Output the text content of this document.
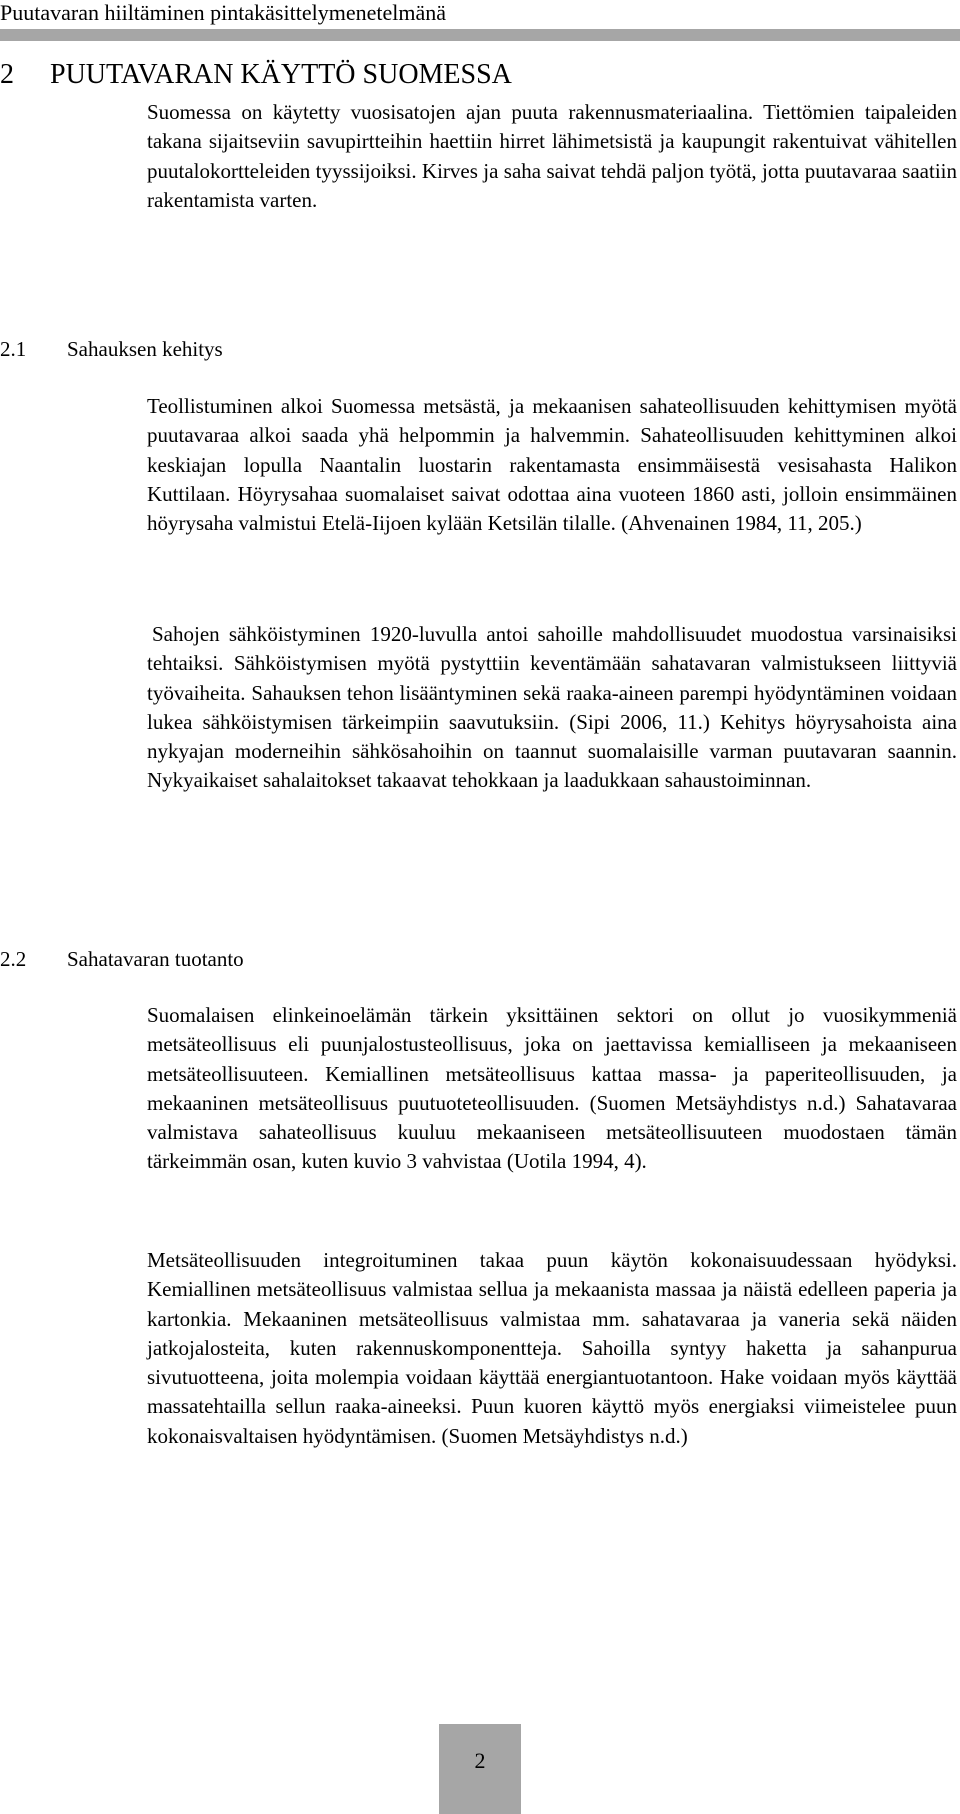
Puutavaran hiiltäminen pintakäsittelymenetelmänä
2 PUUTAVARAN KÄYTTÖ SUOMESSA

Suomessa on käytetty vuosisatojen ajan puuta rakennusmateriaalina. Tiettömien taipaleiden takana sijaitseviin savupirtteihin haettiin hirret lähimetsistä ja kaupungit rakentuivat vähitellen puutalokortteleiden tyyssijoiksi. Kirves ja saha saivat tehdä paljon työtä, jotta puutavaraa saatiin rakentamista varten.

2.1 Sahauksen kehitys

Teollistuminen alkoi Suomessa metsästä, ja mekaanisen sahateollisuuden kehittymisen myötä puutavaraa alkoi saada yhä helpommin ja halvemmin. Sahateollisuuden kehittyminen alkoi keskiajan lopulla Naantalin luostarin rakentamasta ensimmäisestä vesisahasta Halikon Kuttilaan. Höyrysahaa suomalaiset saivat odottaa aina vuoteen 1860 asti, jolloin ensimmäinen höyrysaha valmistui Etelä-Iijoen kylään Ketsilän tilalle. (Ahvenainen 1984, 11, 205.)

Sahojen sähköistyminen 1920-luvulla antoi sahoille mahdollisuudet muodostua varsinaisiksi tehtaiksi. Sähköistymisen myötä pystyttiin keventämään sahatavaran valmistukseen liittyviä työvaiheita. Sahauksen tehon lisääntyminen sekä raaka-aineen parempi hyödyntäminen voidaan lukea sähköistymisen tärkeimpiin saavutuksiin. (Sipi 2006, 11.) Kehitys höyrysahoista aina nykyajan moderneihin sähkösahoihin on taannut suomalaisille varman puutavaran saannin. Nykyaikaiset sahalaitokset takaavat tehokkaan ja laadukkaan sahaustoiminnan.

2.2 Sahatavaran tuotanto

Suomalaisen elinkeinoelämän tärkein yksittäinen sektori on ollut jo vuosikymmeniä metsäteollisuus eli puunjalostusteollisuus, joka on jaettavissa kemialliseen ja mekaaniseen metsäteollisuuteen. Kemiallinen metsäteollisuus kattaa massa- ja paperiteollisuuden, ja mekaaninen metsäteollisuus puutuoteteollisuuden. (Suomen Metsäyhdistys n.d.) Sahatavaraa valmistava sahateollisuus kuuluu mekaaniseen metsäteollisuuteen muodostaen tämän tärkeimmän osan, kuten kuvio 3 vahvistaa (Uotila 1994, 4).

Metsäteollisuuden integroituminen takaa puun käytön kokonaisuudessaan hyödyksi. Kemiallinen metsäteollisuus valmistaa sellua ja mekaanista massaa ja näistä edelleen paperia ja kartonkia. Mekaaninen metsäteollisuus valmistaa mm. sahatavaraa ja vaneria sekä näiden jatkojalosteita, kuten rakennuskomponentteja. Sahoilla syntyy haketta ja sahanpurua sivutuotteena, joita molempia voidaan käyttää energiantuotantoon. Hake voidaan myös käyttää massatehtailla sellun raaka-aineeksi. Puun kuoren käyttö myös energiaksi viimeistelee puun kokonaisvaltaisen hyödyntämisen. (Suomen Metsäyhdistys n.d.)

2
